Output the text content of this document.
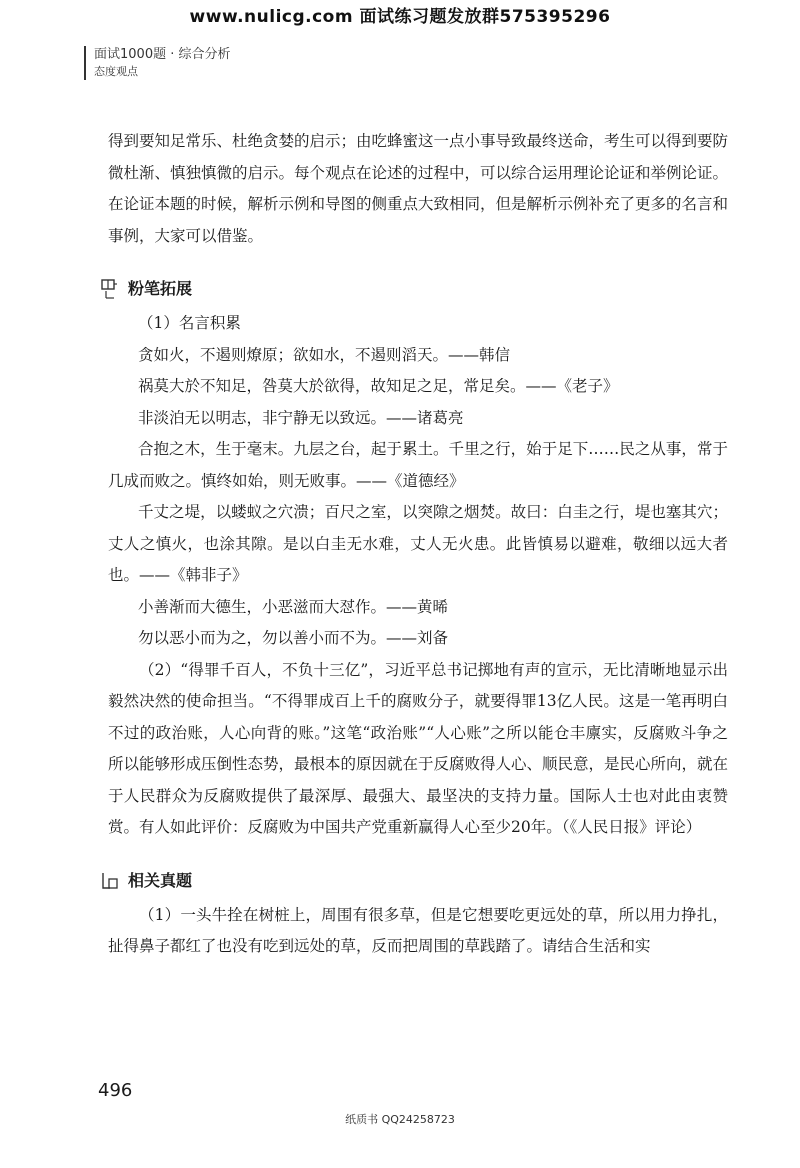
www.nulicg.com 面试练习题发放群575395296
面试1000题 · 综合分析
态度观点

得到要知足常乐、杜绝贪婪的启示；由吃蜂蜜这一点小事导致最终送命，考生可以得到要防微杜渐、慎独慎微的启示。每个观点在论述的过程中，可以综合运用理论论证和举例论证。在论证本题的时候，解析示例和导图的侧重点大致相同，但是解析示例补充了更多的名言和事例，大家可以借鉴。

粉笔拓展

（1）名言积累

贪如火，不遏则燎原；欲如水，不遏则滔天。——韩信

祸莫大於不知足，咎莫大於欲得，故知足之足，常足矣。——《老子》

非淡泊无以明志，非宁静无以致远。——诸葛亮

合抱之木，生于毫末。九层之台，起于累土。千里之行，始于足下……民之从事，常于几成而败之。慎终如始，则无败事。——《道德经》

千丈之堤，以蝼蚁之穴溃；百尺之室，以突隙之烟焚。故曰：白圭之行，堤也塞其穴；丈人之慎火，也涂其隙。是以白圭无水难，丈人无火患。此皆慎易以避难，敬细以远大者也。——《韩非子》

小善渐而大德生，小恶滋而大怼作。——黄晞

勿以恶小而为之，勿以善小而不为。——刘备

（2）“得罪千百人，不负十三亿”，习近平总书记掷地有声的宣示，无比清晰地显示出毅然决然的使命担当。“不得罪成百上千的腐败分子，就要得罪13亿人民。这是一笔再明白不过的政治账，人心向背的账。”这笔“政治账”“人心账”之所以能仓丰廪实，反腐败斗争之所以能够形成压倒性态势，最根本的原因就在于反腐败得人心、顺民意，是民心所向，就在于人民群众为反腐败提供了最深厚、最强大、最坚决的支持力量。国际人士也对此由衷赞赏。有人如此评价：反腐败为中国共产党重新赢得人心至少20年。（《人民日报》评论）

相关真题

（1）一头牛拴在树桩上，周围有很多草，但是它想要吃更远处的草，所以用力挣扎，扯得鼻子都红了也没有吃到远处的草，反而把周围的草践踏了。请结合生活和实

496
纸质书 QQ24258723
